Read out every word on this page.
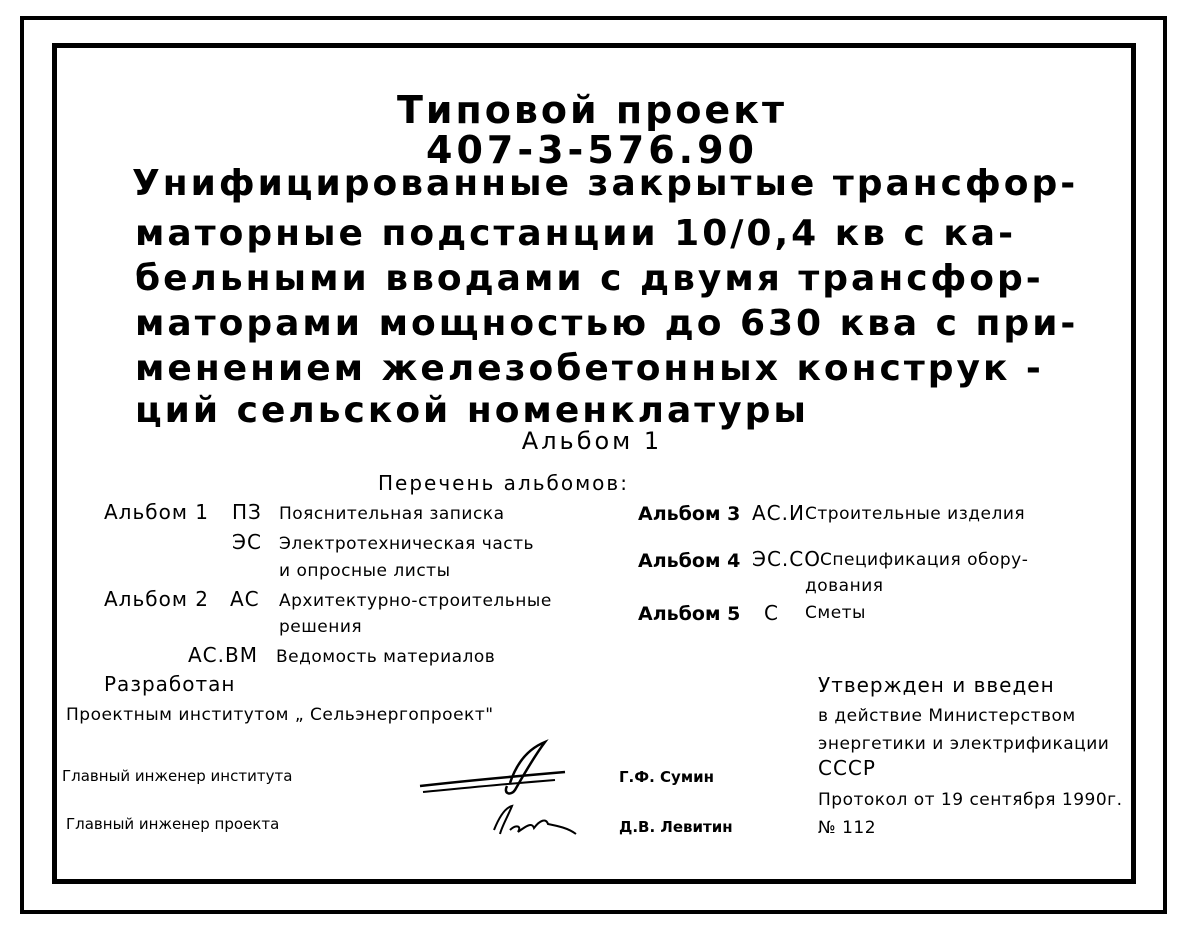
Типовой проект
407-3-576.90
Унифицированные закрытые трансфор-
маторные подстанции 10/0,4 кв с ка-
бельными вводами с двумя трансфор-
маторами мощностью до 630 ква с при-
менением железобетонных конструк -
ций сельской номенклатуры
Альбом 1
Перечень альбомов:
Альбом 1 ПЗ Пояснительная записка
ЭС Электротехническая часть
и опросные листы
Альбом 2 АС Архитектурно-строительные
решения
АС.ВМ Ведомость материалов
Альбом 3 АС.И Строительные изделия
Альбом 4 ЭС.СО Спецификация обору-
дования
Альбом 5 С Сметы
Разработан
Проектным институтом „ Сельэнергопроект"
Утвержден и введен
в действие Министерством
энергетики и электрификации
СССР
Протокол от 19 сентября 1990г.
№ 112
Главный инженер института	Г.Ф. Сумин
Главный инженер проекта	Д.В. Левитин
